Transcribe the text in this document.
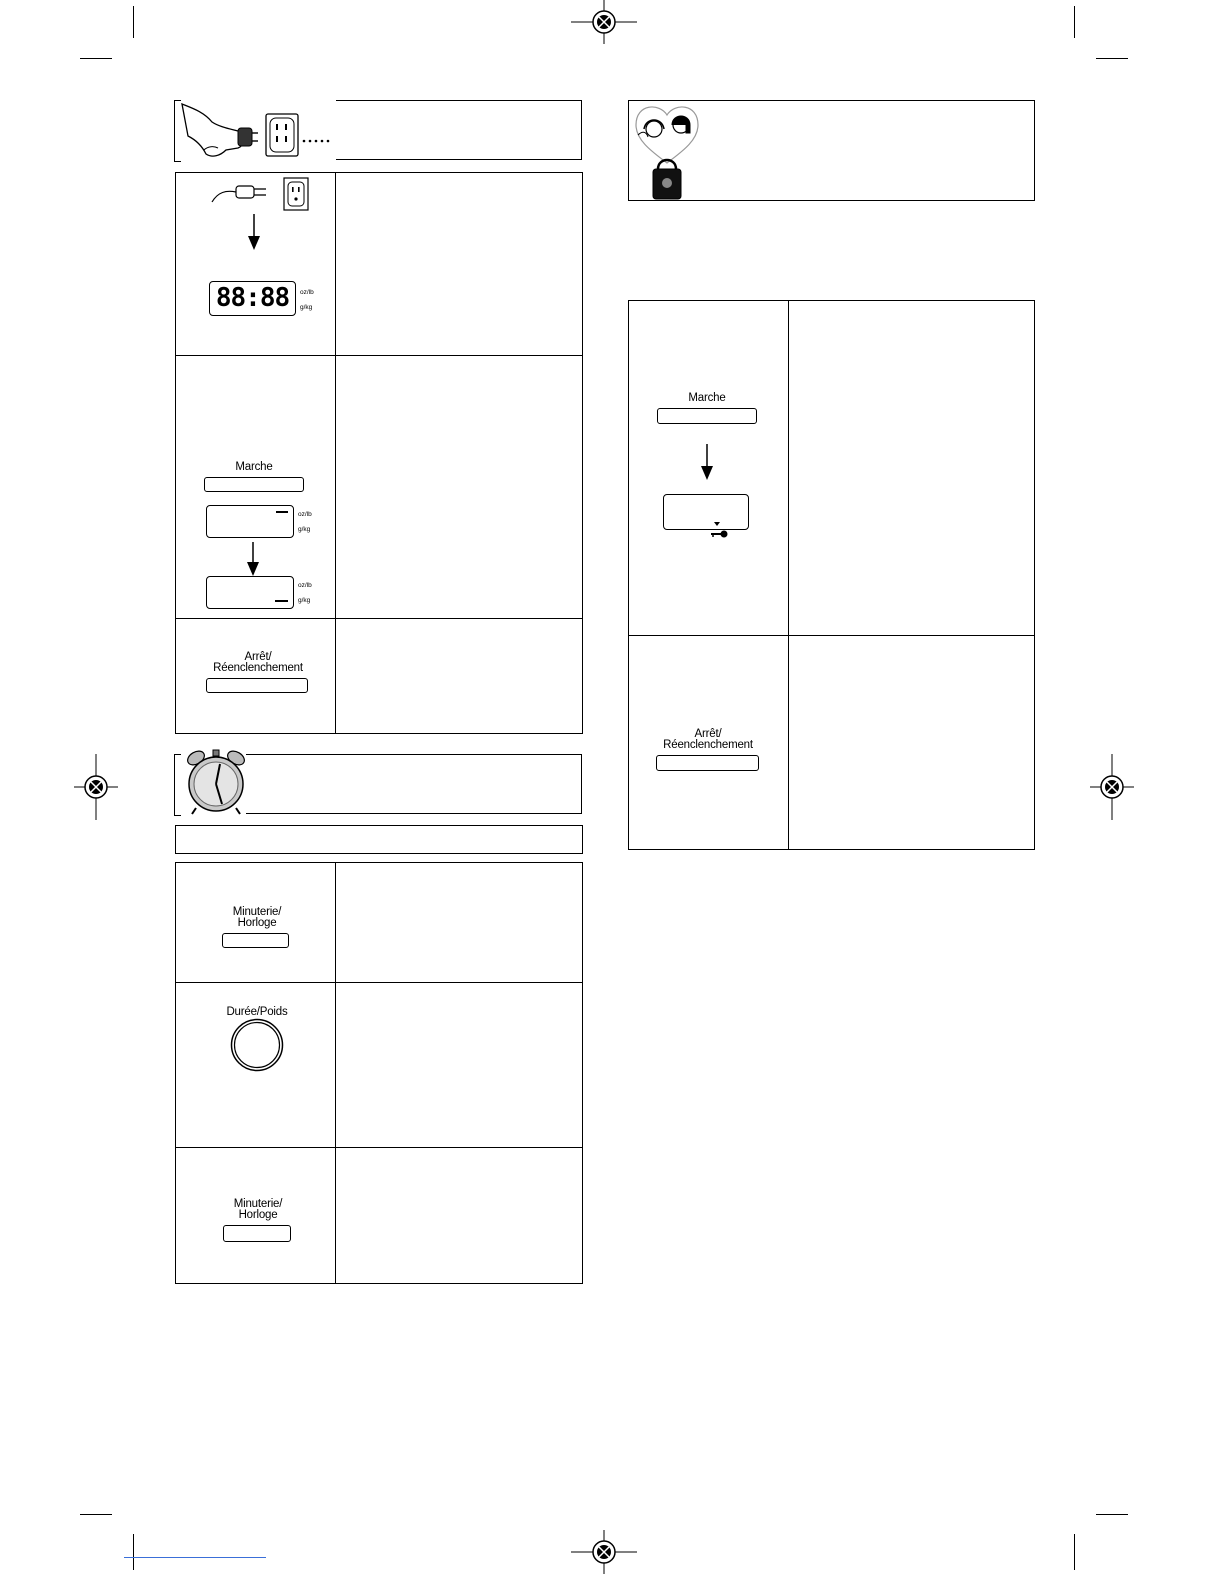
88:88	oz/lb
g/kg
Marche
oz/lb
g/kg
oz/lb
g/kg
Arrêt/
Réenclenchement
Minuterie/
Horloge
Durée/Poids
Minuterie/
Horloge
Marche
Arrêt/
Réenclenchement
